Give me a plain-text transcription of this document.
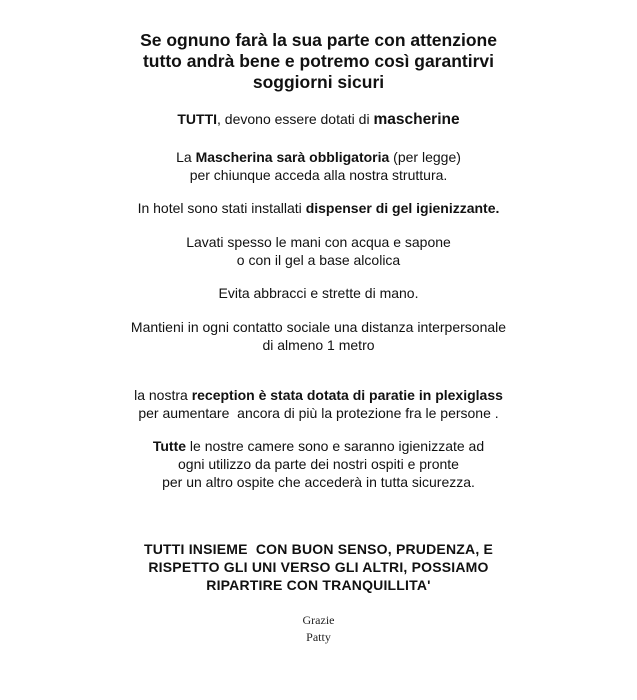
Se ognuno farà la sua parte con attenzione
tutto andrà bene e potremo così garantirvi
soggiorni sicuri
TUTTI, devono essere dotati di mascherine
La Mascherina sarà obbligatoria (per legge)
per chiunque acceda alla nostra struttura.
In hotel sono stati installati dispenser di gel igienizzante.
Lavati spesso le mani con acqua e sapone
o con il gel a base alcolica
Evita abbracci e strette di mano.
Mantieni in ogni contatto sociale una distanza interpersonale
di almeno 1 metro
la nostra reception è stata dotata di paratie in plexiglass
per aumentare  ancora di più la protezione fra le persone .
Tutte le nostre camere sono e saranno igienizzate ad
ogni utilizzo da parte dei nostri ospiti e pronte
per un altro ospite che accederà in tutta sicurezza.
TUTTI INSIEME  CON BUON SENSO, PRUDENZA, E
RISPETTO GLI UNI VERSO GLI ALTRI, POSSIAMO
RIPARTIRE CON TRANQUILLITA'
Grazie
Patty
